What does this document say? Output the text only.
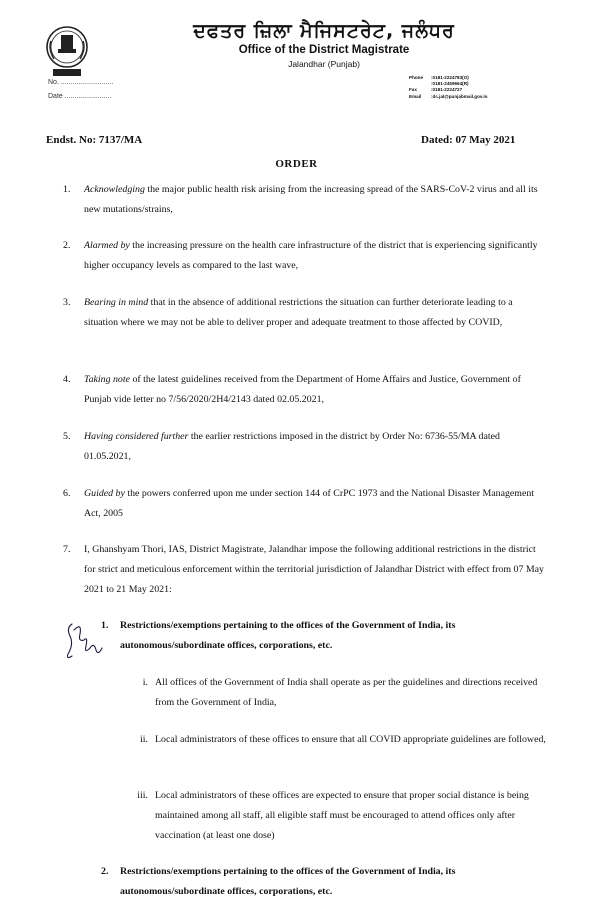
ਦਫਤਰ ਜ਼ਿਲਾ ਮੈਜਿਸਟਰੇਟ, ਜਲੰਧਰ
Office of the District Magistrate
Jalandhar (Punjab)
No. ...........................
Date ........................
Phone	:0181-2224783(O)
:0181-2459664(R)
Fax	:0181-2224727
Email	:dc.jal@punjabmail.gov.in
Endst. No: 7137/MA	Dated: 07 May 2021
ORDER
1. Acknowledging the major public health risk arising from the increasing spread of the SARS-CoV-2 virus and all its new mutations/strains,
2. Alarmed by the increasing pressure on the health care infrastructure of the district that is experiencing significantly higher occupancy levels as compared to the last wave,
3. Bearing in mind that in the absence of additional restrictions the situation can further deteriorate leading to a situation where we may not be able to deliver proper and adequate treatment to those affected by COVID,
4. Taking note of the latest guidelines received from the Department of Home Affairs and Justice, Government of Punjab vide letter no 7/56/2020/2H4/2143 dated 02.05.2021,
5. Having considered further the earlier restrictions imposed in the district by Order No: 6736-55/MA dated 01.05.2021,
6. Guided by the powers conferred upon me under section 144 of CrPC 1973 and the National Disaster Management Act, 2005
7. I, Ghanshyam Thori, IAS, District Magistrate, Jalandhar impose the following additional restrictions in the district for strict and meticulous enforcement within the territorial jurisdiction of Jalandhar District with effect from 07 May 2021 to 21 May 2021:
1. Restrictions/exemptions pertaining to the offices of the Government of India, its autonomous/subordinate offices, corporations, etc.
i. All offices of the Government of India shall operate as per the guidelines and directions received from the Government of India,
ii. Local administrators of these offices to ensure that all COVID appropriate guidelines are followed,
iii. Local administrators of these offices are expected to ensure that proper social distance is being maintained among all staff, all eligible staff must be encouraged to attend offices only after vaccination (at least one dose)
2. Restrictions/exemptions pertaining to the offices of the Government of India, its autonomous/subordinate offices, corporations, etc.
